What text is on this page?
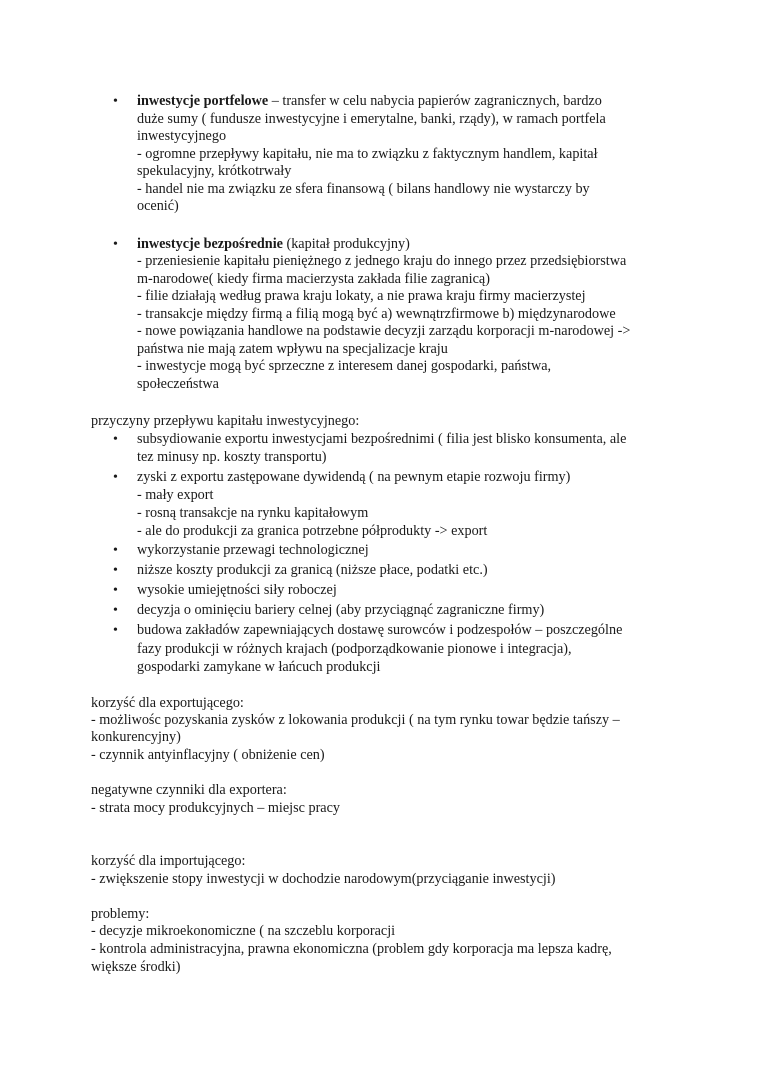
•	inwestycje portfelowe – transfer w celu nabycia papierów zagranicznych, bardzo
duże sumy ( fundusze inwestycyjne i emerytalne, banki, rządy), w ramach portfela
inwestycyjnego
- ogromne przepływy kapitału, nie ma to związku z faktycznym handlem, kapitał
spekulacyjny, krótkotrwały
- handel nie ma związku ze sfera finansową ( bilans handlowy nie wystarczy by
ocenić)
•	inwestycje bezpośrednie (kapitał produkcyjny)
- przeniesienie kapitału pieniężnego z jednego kraju do innego przez przedsiębiorstwa
m-narodowe( kiedy firma macierzysta zakłada filie zagranicą)
- filie działają według prawa kraju lokaty, a nie prawa kraju firmy macierzystej
- transakcje między firmą a filią mogą być a) wewnątrzfirmowe b) międzynarodowe
- nowe powiązania handlowe na podstawie decyzji zarządu korporacji m-narodowej ->
państwa nie mają zatem wpływu na specjalizacje kraju
- inwestycje mogą być sprzeczne z interesem danej gospodarki, państwa,
społeczeństwa
przyczyny przepływu kapitału inwestycyjnego:
•	subsydiowanie exportu inwestycjami bezpośrednimi ( filia jest blisko konsumenta, ale
tez minusy np. koszty transportu)
•	zyski z exportu zastępowane dywidendą ( na pewnym etapie rozwoju firmy)
- mały export
- rosną transakcje na rynku kapitałowym
- ale do produkcji za granica potrzebne półprodukty -> export
•	wykorzystanie przewagi technologicznej
•	niższe koszty produkcji za granicą (niższe płace, podatki etc.)
•	wysokie umiejętności siły roboczej
•	decyzja o ominięciu bariery celnej (aby przyciągnąć zagraniczne firmy)
•	budowa zakładów zapewniających dostawę surowców i podzespołów – poszczególne
fazy produkcji w różnych krajach (podporządkowanie pionowe i integracja),
gospodarki zamykane w łańcuch produkcji
korzyść dla exportującego:
- możliwośc pozyskania zysków z lokowania produkcji ( na tym rynku towar będzie tańszy –
konkurencyjny)
- czynnik antyinflacyjny ( obniżenie cen)
negatywne czynniki dla exportera:
- strata mocy produkcyjnych – miejsc pracy
korzyść dla importującego:
- zwiększenie stopy inwestycji w dochodzie narodowym(przyciąganie inwestycji)
problemy:
- decyzje mikroekonomiczne ( na szczeblu korporacji
- kontrola administracyjna, prawna ekonomiczna (problem gdy korporacja ma lepsza kadrę,
większe środki)
